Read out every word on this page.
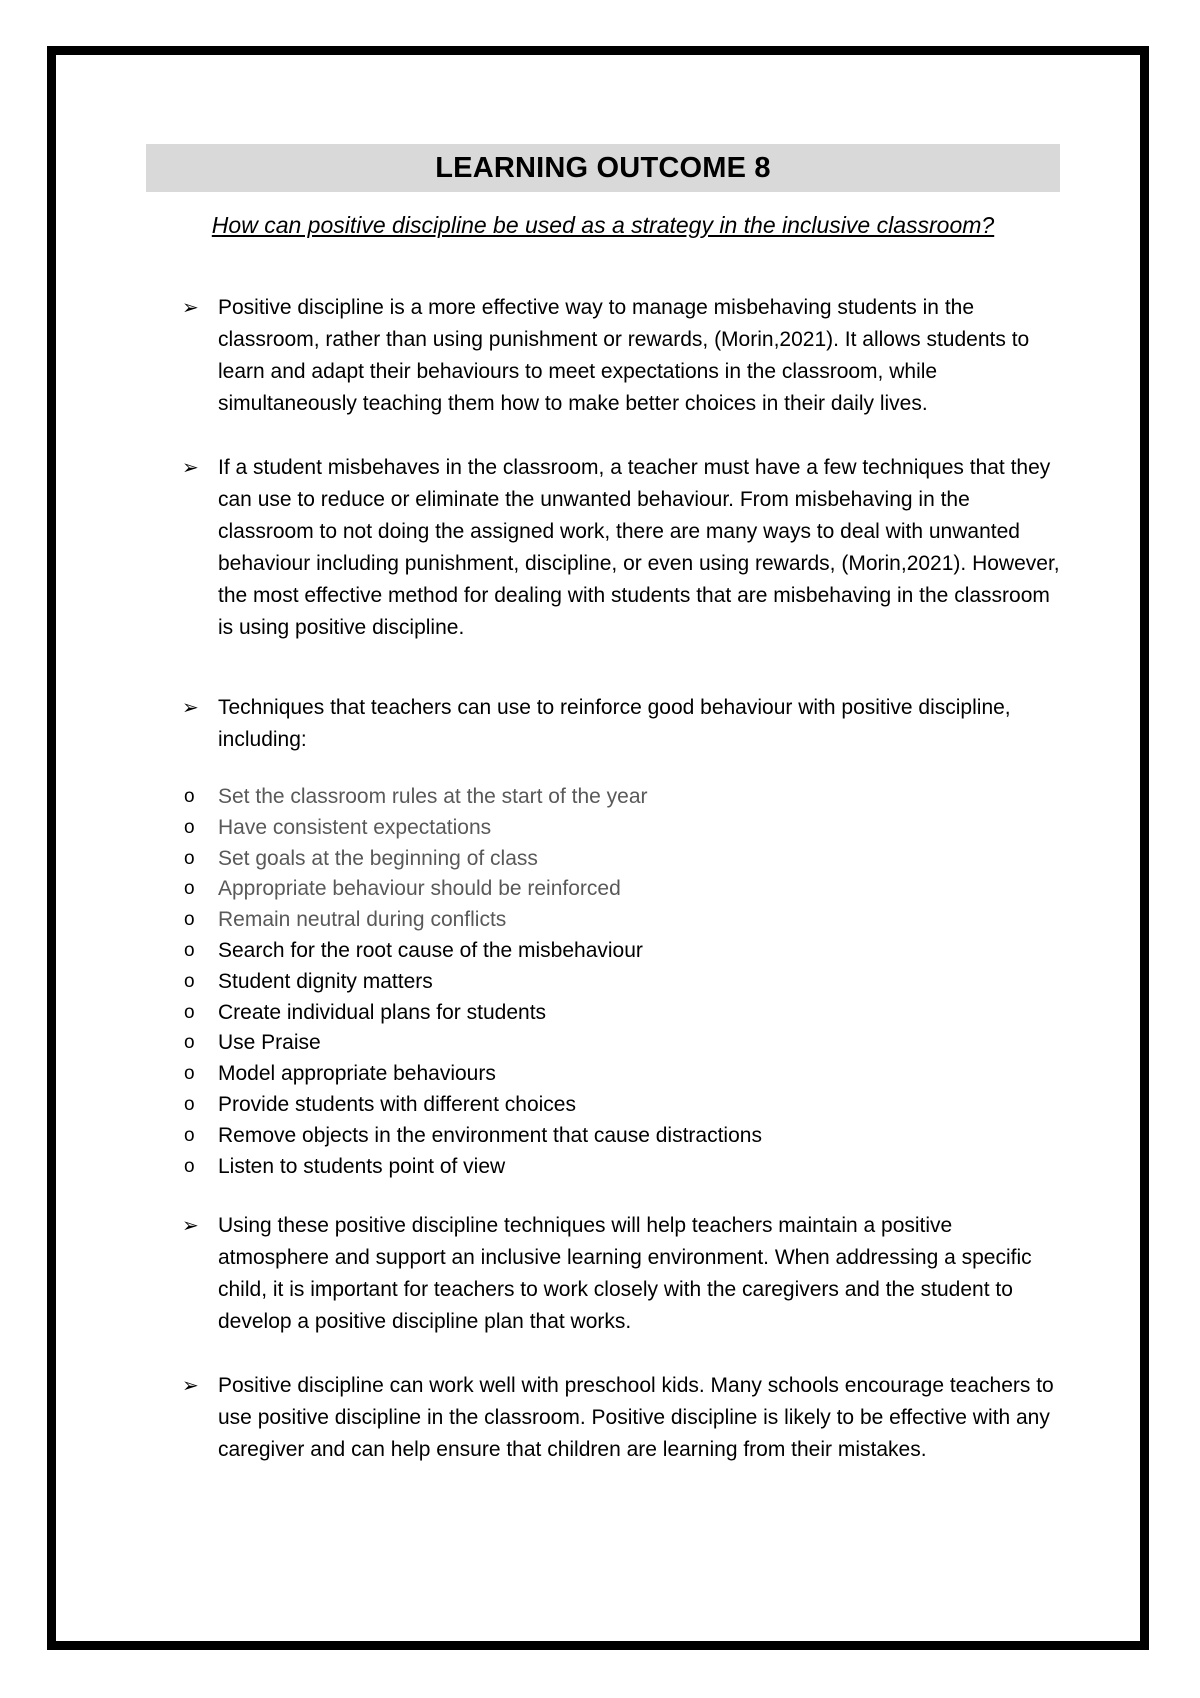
LEARNING OUTCOME 8
How can positive discipline be used as a strategy in the inclusive classroom?
➢ Positive discipline is a more effective way to manage misbehaving students in the classroom, rather than using punishment or rewards, (Morin,2021). It allows students to learn and adapt their behaviours to meet expectations in the classroom, while simultaneously teaching them how to make better choices in their daily lives.
➢ If a student misbehaves in the classroom, a teacher must have a few techniques that they can use to reduce or eliminate the unwanted behaviour. From misbehaving in the classroom to not doing the assigned work, there are many ways to deal with unwanted behaviour including punishment, discipline, or even using rewards, (Morin,2021). However, the most effective method for dealing with students that are misbehaving in the classroom is using positive discipline.
➢ Techniques that teachers can use to reinforce good behaviour with positive discipline, including:
o Set the classroom rules at the start of the year
o Have consistent expectations
o Set goals at the beginning of class
o Appropriate behaviour should be reinforced
o Remain neutral during conflicts
o Search for the root cause of the misbehaviour
o Student dignity matters
o Create individual plans for students
o Use Praise
o Model appropriate behaviours
o Provide students with different choices
o Remove objects in the environment that cause distractions
o Listen to students point of view
➢ Using these positive discipline techniques will help teachers maintain a positive atmosphere and support an inclusive learning environment. When addressing a specific child, it is important for teachers to work closely with the caregivers and the student to develop a positive discipline plan that works.
➢ Positive discipline can work well with preschool kids. Many schools encourage teachers to use positive discipline in the classroom. Positive discipline is likely to be effective with any caregiver and can help ensure that children are learning from their mistakes.
